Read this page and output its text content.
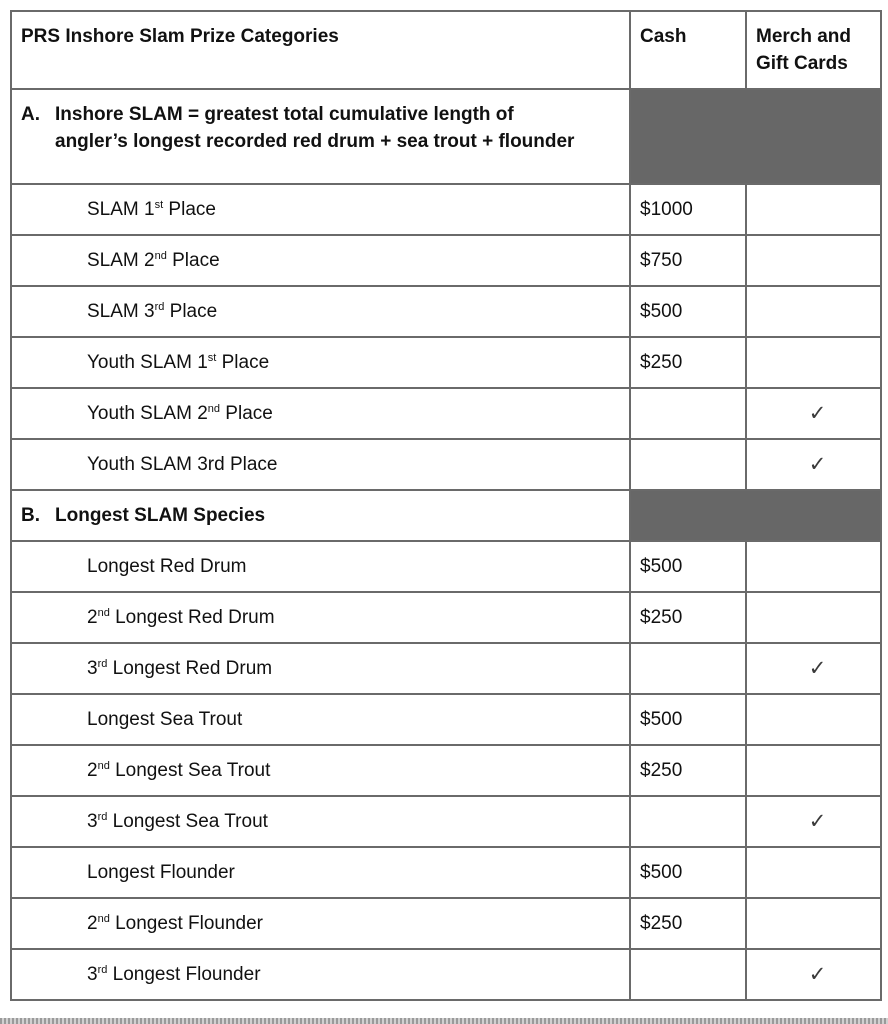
PRS Inshore Slam Prize Categories	Cash	Merch and
Gift Cards

A. Inshore SLAM = greatest total cumulative length of
angler’s longest recorded red drum + sea trout + flounder		

SLAM 1st Place	$1000	

SLAM 2nd Place	$750	

SLAM 3rd Place	$500	

Youth SLAM 1st Place	$250	

Youth SLAM 2nd Place		✓

Youth SLAM 3rd Place		✓

B. Longest SLAM Species		

Longest Red Drum	$500	

2nd Longest Red Drum	$250	

3rd Longest Red Drum		✓

Longest Sea Trout	$500	

2nd Longest Sea Trout	$250	

3rd Longest Sea Trout		✓

Longest Flounder	$500	

2nd Longest Flounder	$250	

3rd Longest Flounder		✓
